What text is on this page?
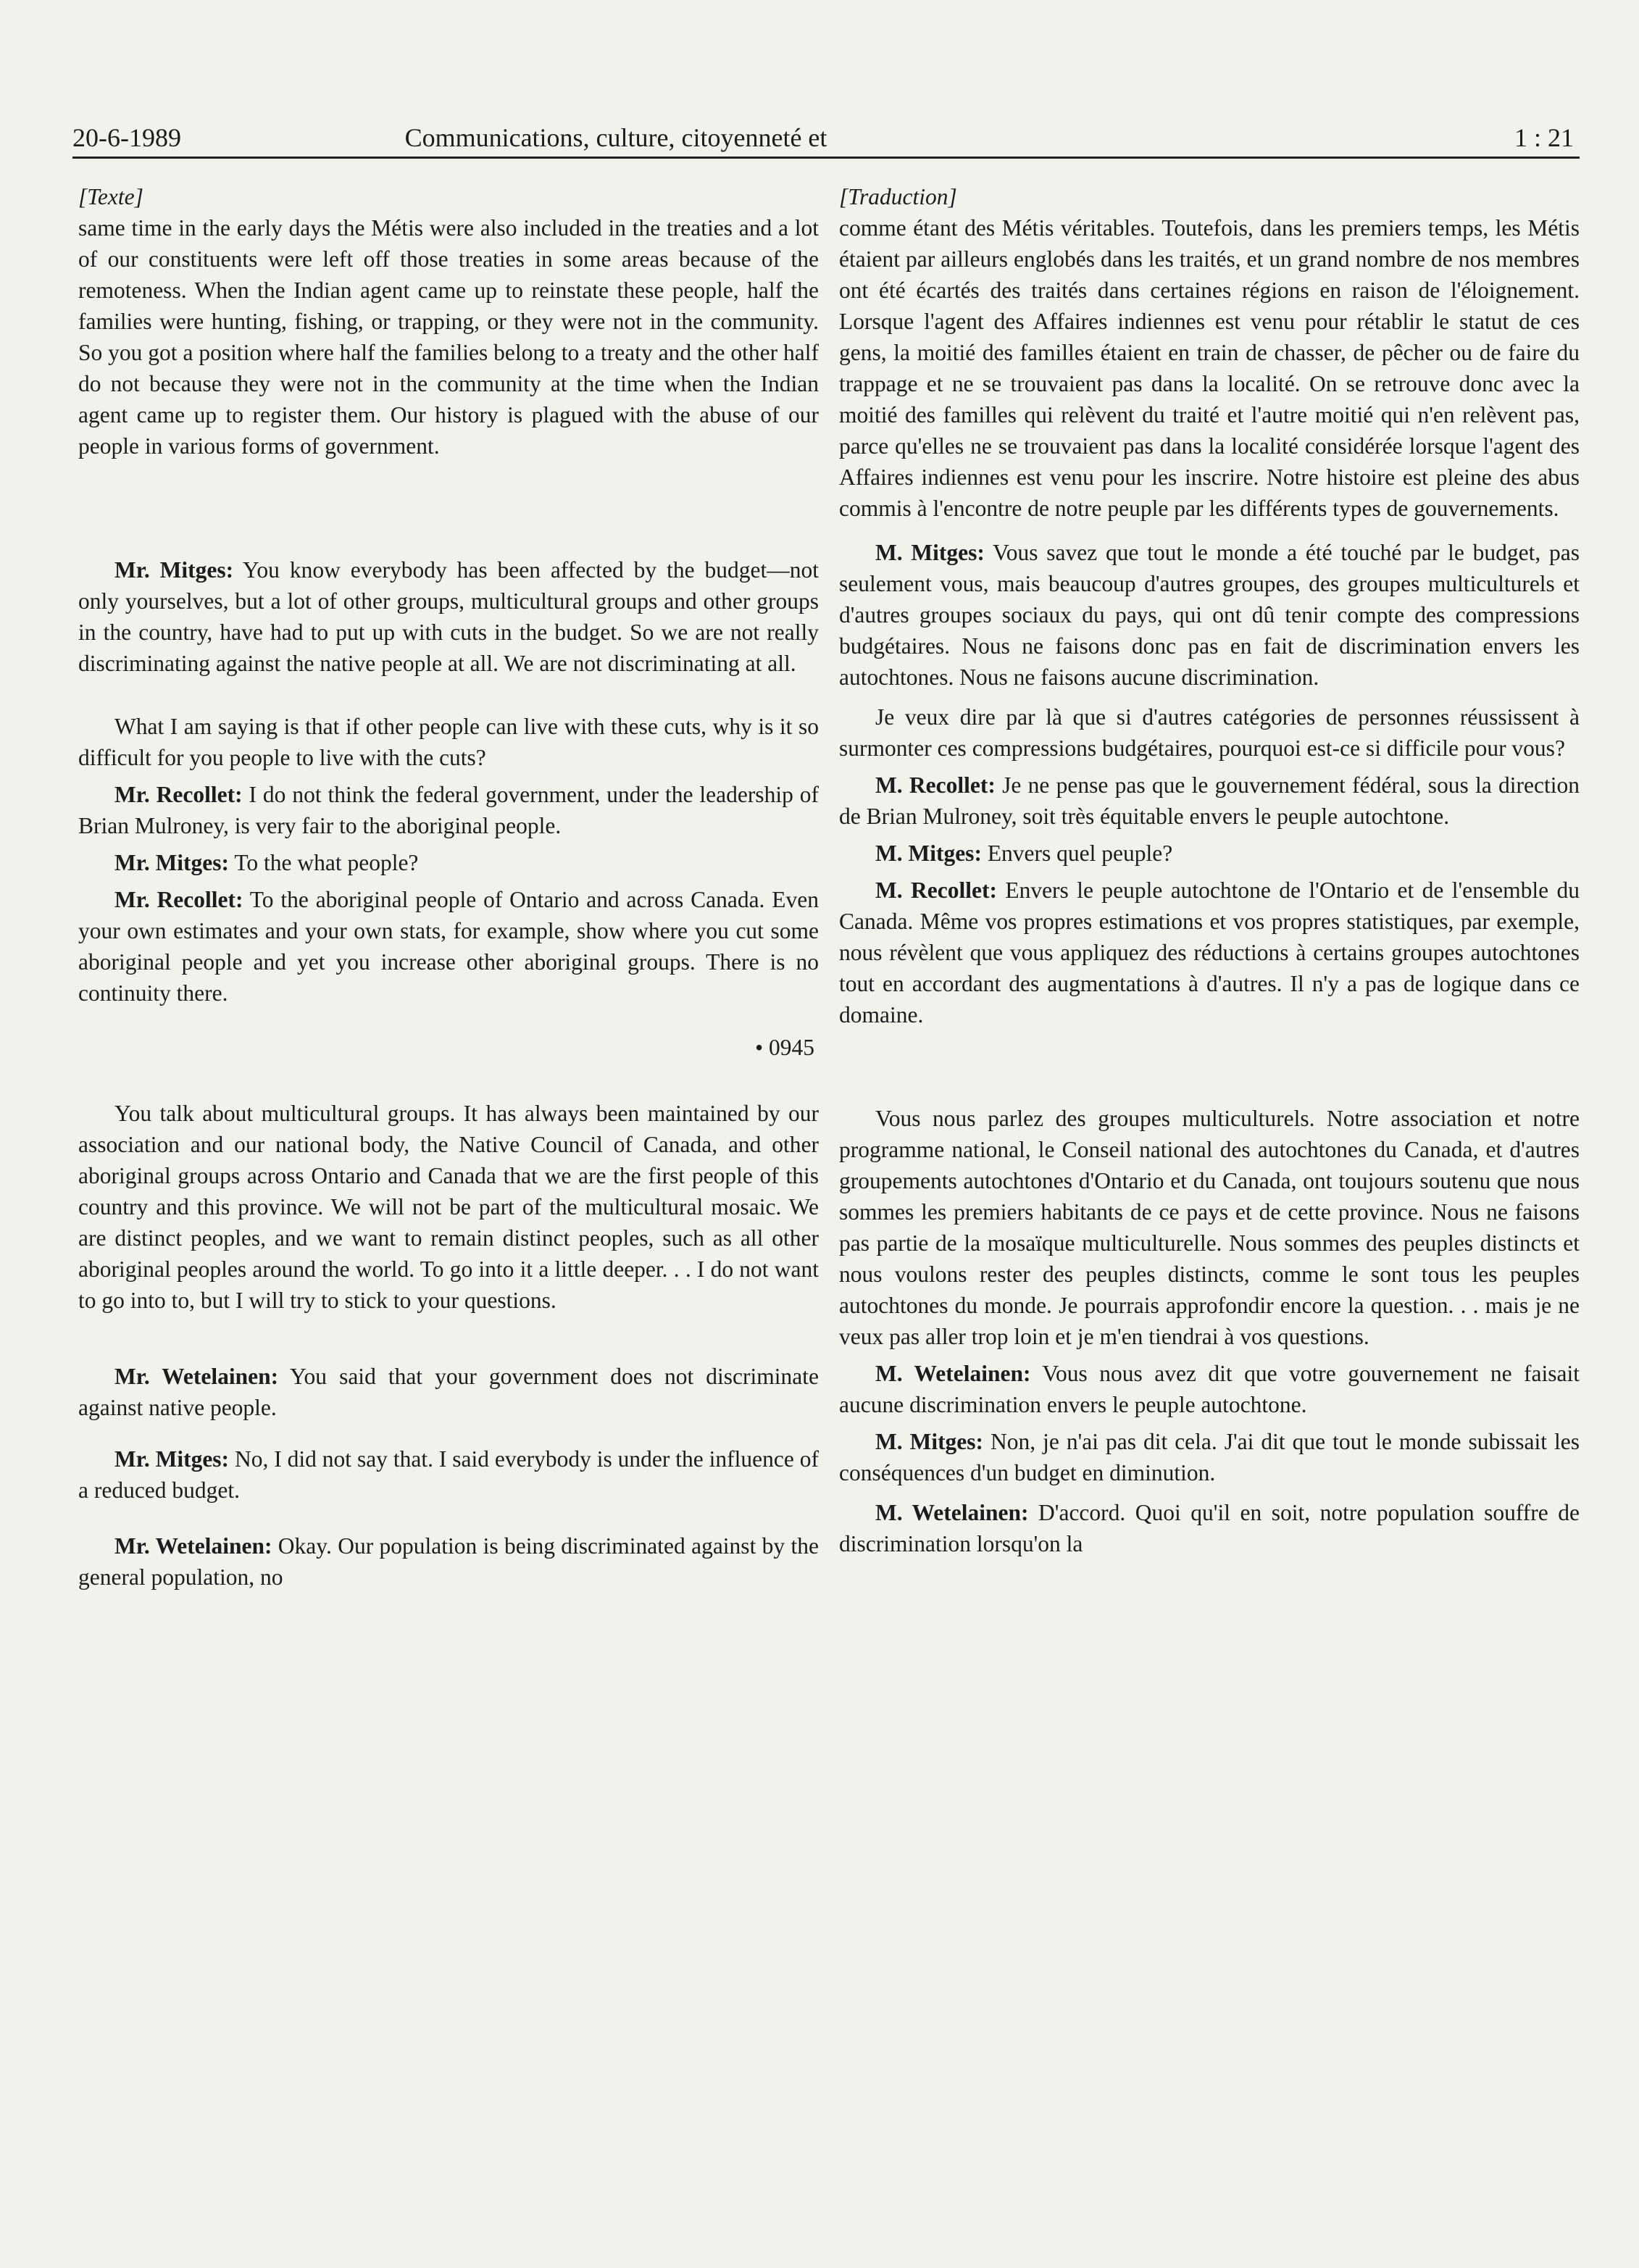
20-6-1989	Communications, culture, citoyenneté et	1 : 21

[Texte]

same time in the early days the Métis were also included in the treaties and a lot of our constituents were left off those treaties in some areas because of the remoteness. When the Indian agent came up to reinstate these people, half the families were hunting, fishing, or trapping, or they were not in the community. So you got a position where half the families belong to a treaty and the other half do not because they were not in the community at the time when the Indian agent came up to register them. Our history is plagued with the abuse of our people in various forms of government.

Mr. Mitges: You know everybody has been affected by the budget—not only yourselves, but a lot of other groups, multicultural groups and other groups in the country, have had to put up with cuts in the budget. So we are not really discriminating against the native people at all. We are not discriminating at all.

What I am saying is that if other people can live with these cuts, why is it so difficult for you people to live with the cuts?

Mr. Recollet: I do not think the federal government, under the leadership of Brian Mulroney, is very fair to the aboriginal people.

Mr. Mitges: To the what people?

Mr. Recollet: To the aboriginal people of Ontario and across Canada. Even your own estimates and your own stats, for example, show where you cut some aboriginal people and yet you increase other aboriginal groups. There is no continuity there.

• 0945

You talk about multicultural groups. It has always been maintained by our association and our national body, the Native Council of Canada, and other aboriginal groups across Ontario and Canada that we are the first people of this country and this province. We will not be part of the multicultural mosaic. We are distinct peoples, and we want to remain distinct peoples, such as all other aboriginal peoples around the world. To go into it a little deeper. . . I do not want to go into to, but I will try to stick to your questions.

Mr. Wetelainen: You said that your government does not discriminate against native people.

Mr. Mitges: No, I did not say that. I said everybody is under the influence of a reduced budget.

Mr. Wetelainen: Okay. Our population is being discriminated against by the general population, no

[Traduction]

comme étant des Métis véritables. Toutefois, dans les premiers temps, les Métis étaient par ailleurs englobés dans les traités, et un grand nombre de nos membres ont été écartés des traités dans certaines régions en raison de l'éloignement. Lorsque l'agent des Affaires indiennes est venu pour rétablir le statut de ces gens, la moitié des familles étaient en train de chasser, de pêcher ou de faire du trappage et ne se trouvaient pas dans la localité. On se retrouve donc avec la moitié des familles qui relèvent du traité et l'autre moitié qui n'en relèvent pas, parce qu'elles ne se trouvaient pas dans la localité considérée lorsque l'agent des Affaires indiennes est venu pour les inscrire. Notre histoire est pleine des abus commis à l'encontre de notre peuple par les différents types de gouvernements.

M. Mitges: Vous savez que tout le monde a été touché par le budget, pas seulement vous, mais beaucoup d'autres groupes, des groupes multiculturels et d'autres groupes sociaux du pays, qui ont dû tenir compte des compressions budgétaires. Nous ne faisons donc pas en fait de discrimination envers les autochtones. Nous ne faisons aucune discrimination.

Je veux dire par là que si d'autres catégories de personnes réussissent à surmonter ces compressions budgétaires, pourquoi est-ce si difficile pour vous?

M. Recollet: Je ne pense pas que le gouvernement fédéral, sous la direction de Brian Mulroney, soit très équitable envers le peuple autochtone.

M. Mitges: Envers quel peuple?

M. Recollet: Envers le peuple autochtone de l'Ontario et de l'ensemble du Canada. Même vos propres estimations et vos propres statistiques, par exemple, nous révèlent que vous appliquez des réductions à certains groupes autochtones tout en accordant des augmentations à d'autres. Il n'y a pas de logique dans ce domaine.

Vous nous parlez des groupes multiculturels. Notre association et notre programme national, le Conseil national des autochtones du Canada, et d'autres groupements autochtones d'Ontario et du Canada, ont toujours soutenu que nous sommes les premiers habitants de ce pays et de cette province. Nous ne faisons pas partie de la mosaïque multiculturelle. Nous sommes des peuples distincts et nous voulons rester des peuples distincts, comme le sont tous les peuples autochtones du monde. Je pourrais approfondir encore la question. . . mais je ne veux pas aller trop loin et je m'en tiendrai à vos questions.

M. Wetelainen: Vous nous avez dit que votre gouvernement ne faisait aucune discrimination envers le peuple autochtone.

M. Mitges: Non, je n'ai pas dit cela. J'ai dit que tout le monde subissait les conséquences d'un budget en diminution.

M. Wetelainen: D'accord. Quoi qu'il en soit, notre population souffre de discrimination lorsqu'on la
